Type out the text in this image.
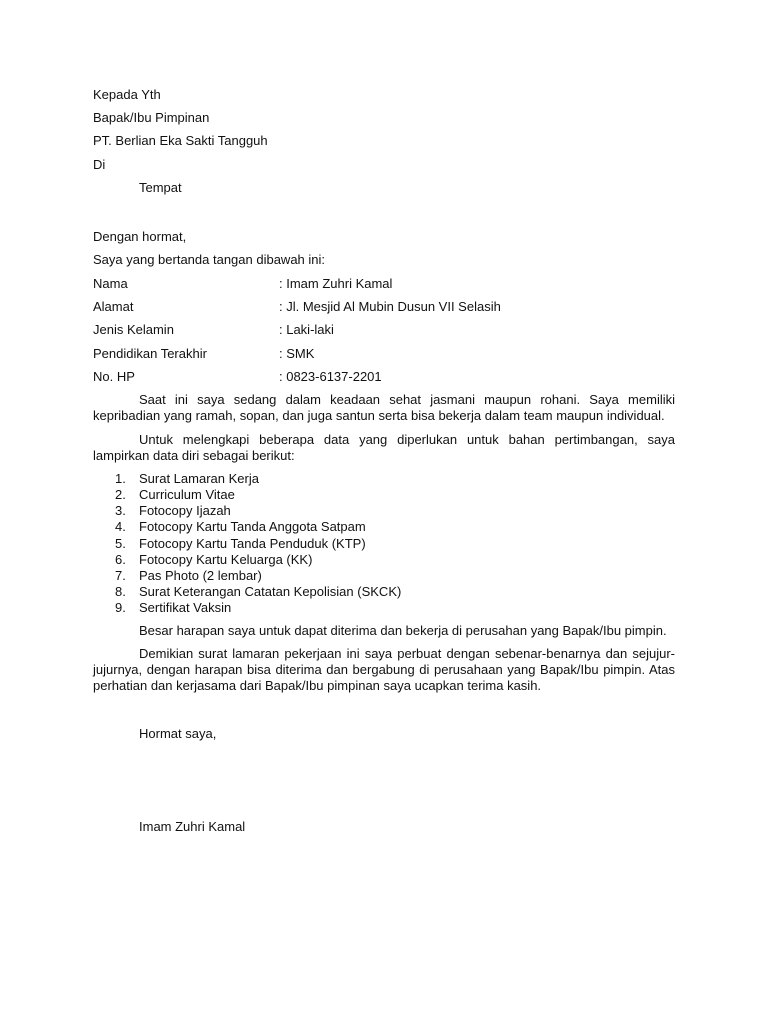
Kepada Yth

Bapak/Ibu Pimpinan

PT. Berlian Eka Sakti Tangguh

Di

Tempat

Dengan hormat,

Saya yang bertanda tangan dibawah ini:

Nama	: Imam Zuhri Kamal
Alamat	: Jl. Mesjid Al Mubin Dusun VII Selasih
Jenis Kelamin	: Laki-laki
Pendidikan Terakhir	: SMK
No. HP	: 0823-6137-2201

Saat ini saya sedang dalam keadaan sehat jasmani maupun rohani. Saya memiliki kepribadian yang ramah, sopan, dan juga santun serta bisa bekerja dalam team maupun individual.

Untuk melengkapi beberapa data yang diperlukan untuk bahan pertimbangan, saya lampirkan data diri sebagai berikut:

1. Surat Lamaran Kerja
2. Curriculum Vitae
3. Fotocopy Ijazah
4. Fotocopy Kartu Tanda Anggota Satpam
5. Fotocopy Kartu Tanda Penduduk (KTP)
6. Fotocopy Kartu Keluarga (KK)
7. Pas Photo (2 lembar)
8. Surat Keterangan Catatan Kepolisian (SKCK)
9. Sertifikat Vaksin

Besar harapan saya untuk dapat diterima dan bekerja di perusahan yang Bapak/Ibu pimpin.

Demikian surat lamaran pekerjaan ini saya perbuat dengan sebenar-benarnya dan sejujur-jujurnya, dengan harapan bisa diterima dan bergabung di perusahaan yang Bapak/Ibu pimpin. Atas perhatian dan kerjasama dari Bapak/Ibu pimpinan saya ucapkan terima kasih.

Hormat saya,

Imam Zuhri Kamal
